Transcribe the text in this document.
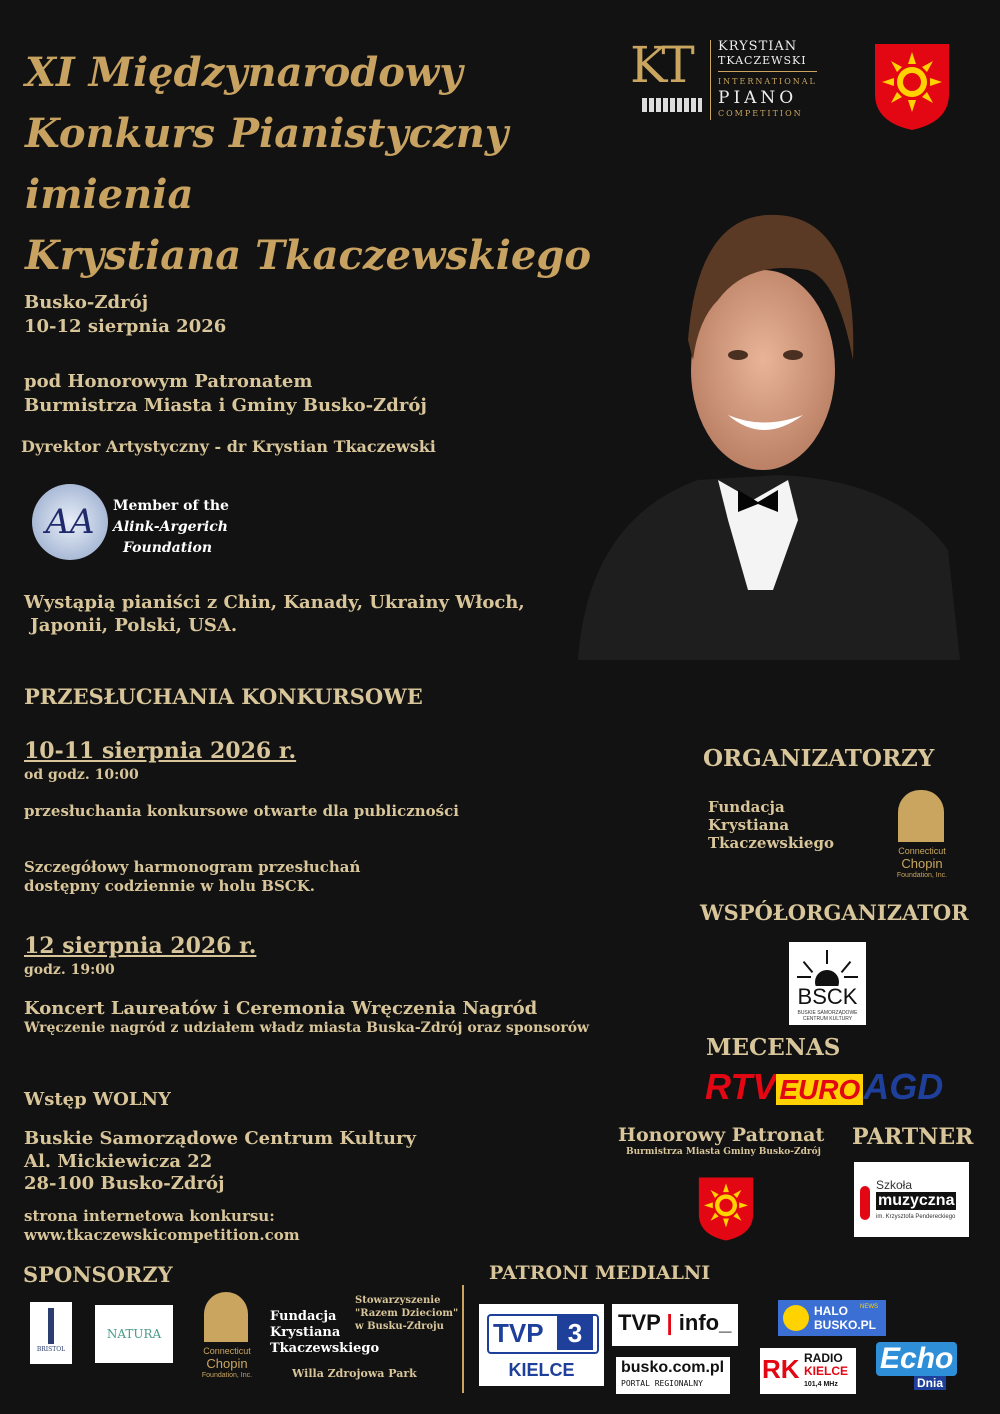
XI Międzynarodowy
Konkurs Pianistyczny
imienia
Krystiana Tkaczewskiego
KT KRYSTIAN
TKACZEWSKI
INTERNATIONAL
PIANO
COMPETITION
Busko-Zdrój
10-12 sierpnia 2026
pod Honorowym Patronatem
Burmistrza Miasta i Gminy Busko-Zdrój
Dyrektor Artystyczny - dr Krystian Tkaczewski
AA Member of the
Alink-Argerich
Foundation
Wystąpią pianiści z Chin, Kanady, Ukrainy Włoch,
Japonii, Polski, USA.
PRZESŁUCHANIA KONKURSOWE
10-11 sierpnia 2026 r.
od godz. 10:00
przesłuchania konkursowe otwarte dla publiczności
Szczegółowy harmonogram przesłuchań
dostępny codziennie w holu BSCK.
12 sierpnia 2026 r.
godz. 19:00
Koncert Laureatów i Ceremonia Wręczenia Nagród
Wręczenie nagród z udziałem władz miasta Buska-Zdrój oraz sponsorów
Wstęp WOLNY
Buskie Samorządowe Centrum Kultury
Al. Mickiewicza 22
28-100 Busko-Zdrój
strona internetowa konkursu:
www.tkaczewskicompetition.com
ORGANIZATORZY
Fundacja
Krystiana
Tkaczewskiego	Connecticut
Chopin
Foundation, Inc.
WSPÓŁORGANIZATOR
BSCK
BUSKIE SAMORZĄDOWE CENTRUM KULTURY
MECENAS
RTV EUROAGD
Honorowy Patronat
Burmistrza Miasta Gminy Busko-Zdrój
PARTNER
Szkoła
muzyczna
im. Krzysztofa Pendereckiego
SPONSORZY
BRISTOL
NATURA
Connecticut
Chopin
Foundation, Inc.
Fundacja
Krystiana
Tkaczewskiego
Stowarzyszenie
"Razem Dzieciom"
w Busku-Zdroju
Willa Zdrojowa Park
PATRONI MEDIALNI
TVP 3
KIELCE
TVP | info_
busko.com.pl
PORTAL REGIONALNY
HALO
BUSKO.PL
NEWS
RK RADIO
KIELCE
101,4 MHz
Echo
Dnia
